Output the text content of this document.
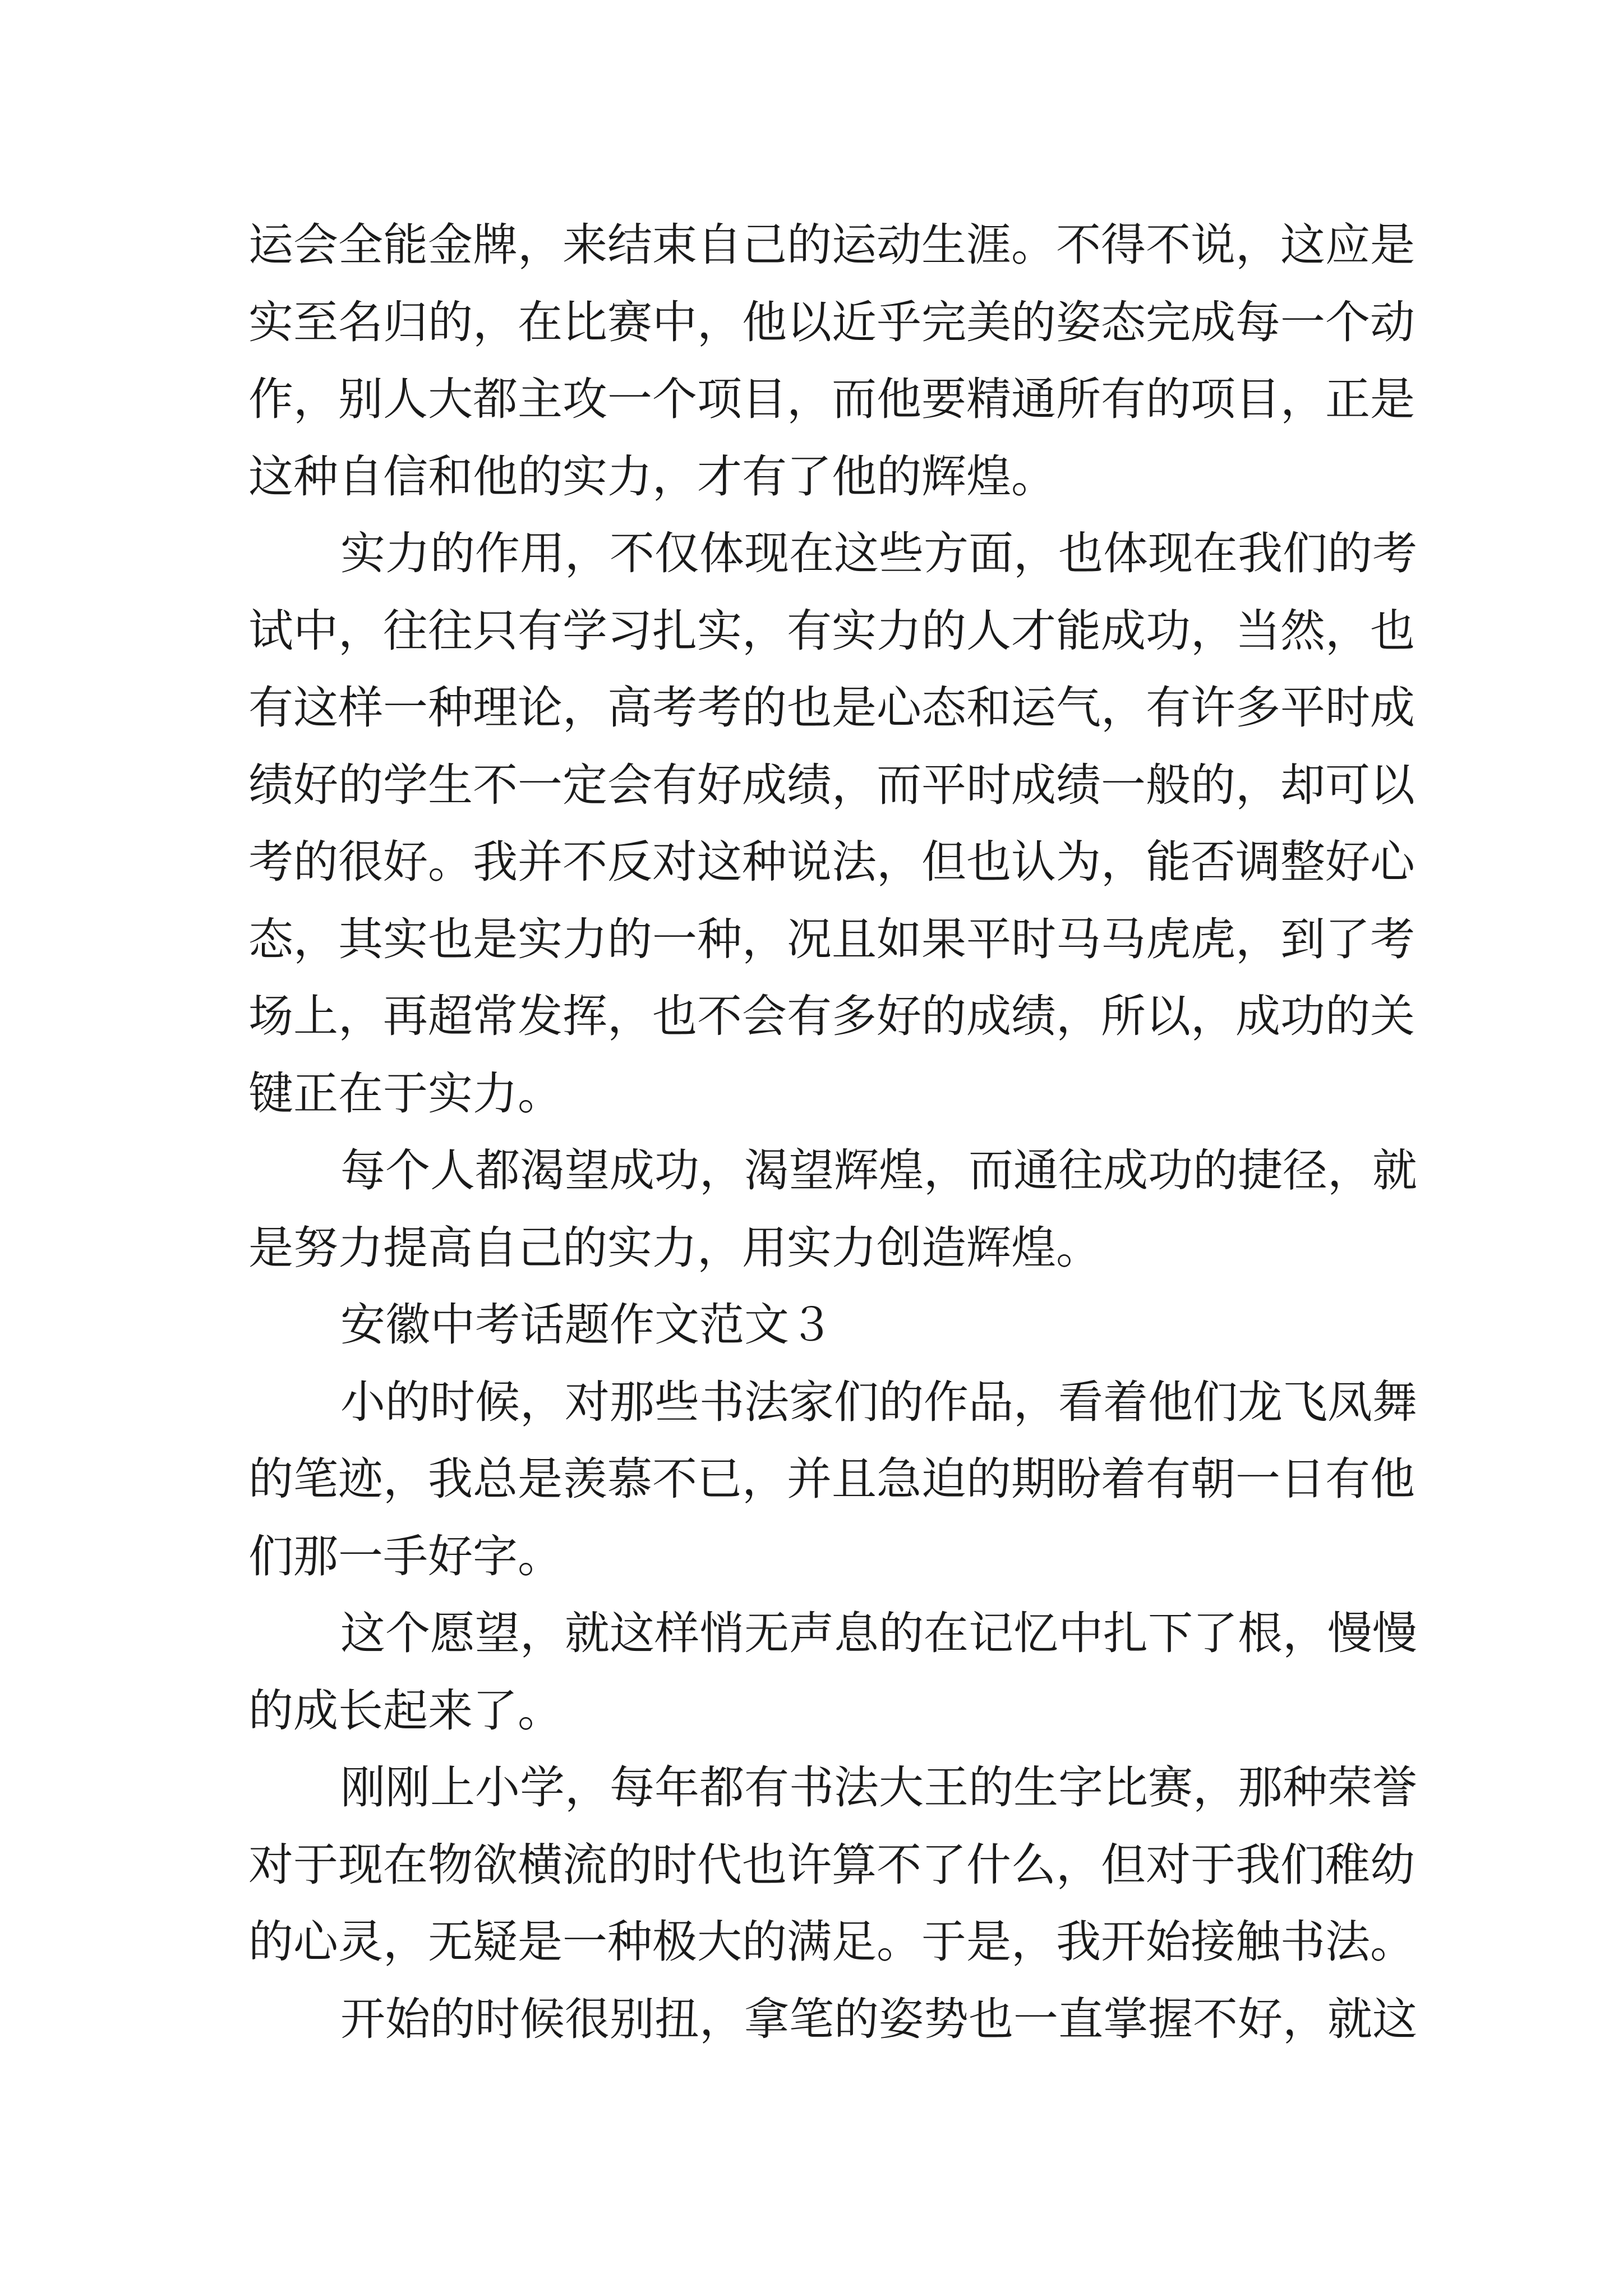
运会全能金牌，来结束自己的运动生涯。不得不说，这应是
实至名归的，在比赛中，他以近乎完美的姿态完成每一个动
作，别人大都主攻一个项目，而他要精通所有的项目，正是
这种自信和他的实力，才有了他的辉煌。
实力的作用，不仅体现在这些方面，也体现在我们的考
试中，往往只有学习扎实，有实力的人才能成功，当然，也
有这样一种理论，高考考的也是心态和运气，有许多平时成
绩好的学生不一定会有好成绩，而平时成绩一般的，却可以
考的很好。我并不反对这种说法，但也认为，能否调整好心
态，其实也是实力的一种，况且如果平时马马虎虎，到了考
场上，再超常发挥，也不会有多好的成绩，所以，成功的关
键正在于实力。
每个人都渴望成功，渴望辉煌，而通往成功的捷径，就
是努力提高自己的实力，用实力创造辉煌。
安徽中考话题作文范文３
小的时候，对那些书法家们的作品，看着他们龙飞凤舞
的笔迹，我总是羡慕不已，并且急迫的期盼着有朝一日有他
们那一手好字。
这个愿望，就这样悄无声息的在记忆中扎下了根，慢慢
的成长起来了。
刚刚上小学，每年都有书法大王的生字比赛，那种荣誉
对于现在物欲横流的时代也许算不了什么，但对于我们稚幼
的心灵，无疑是一种极大的满足。于是，我开始接触书法。
开始的时候很别扭，拿笔的姿势也一直掌握不好，就这
